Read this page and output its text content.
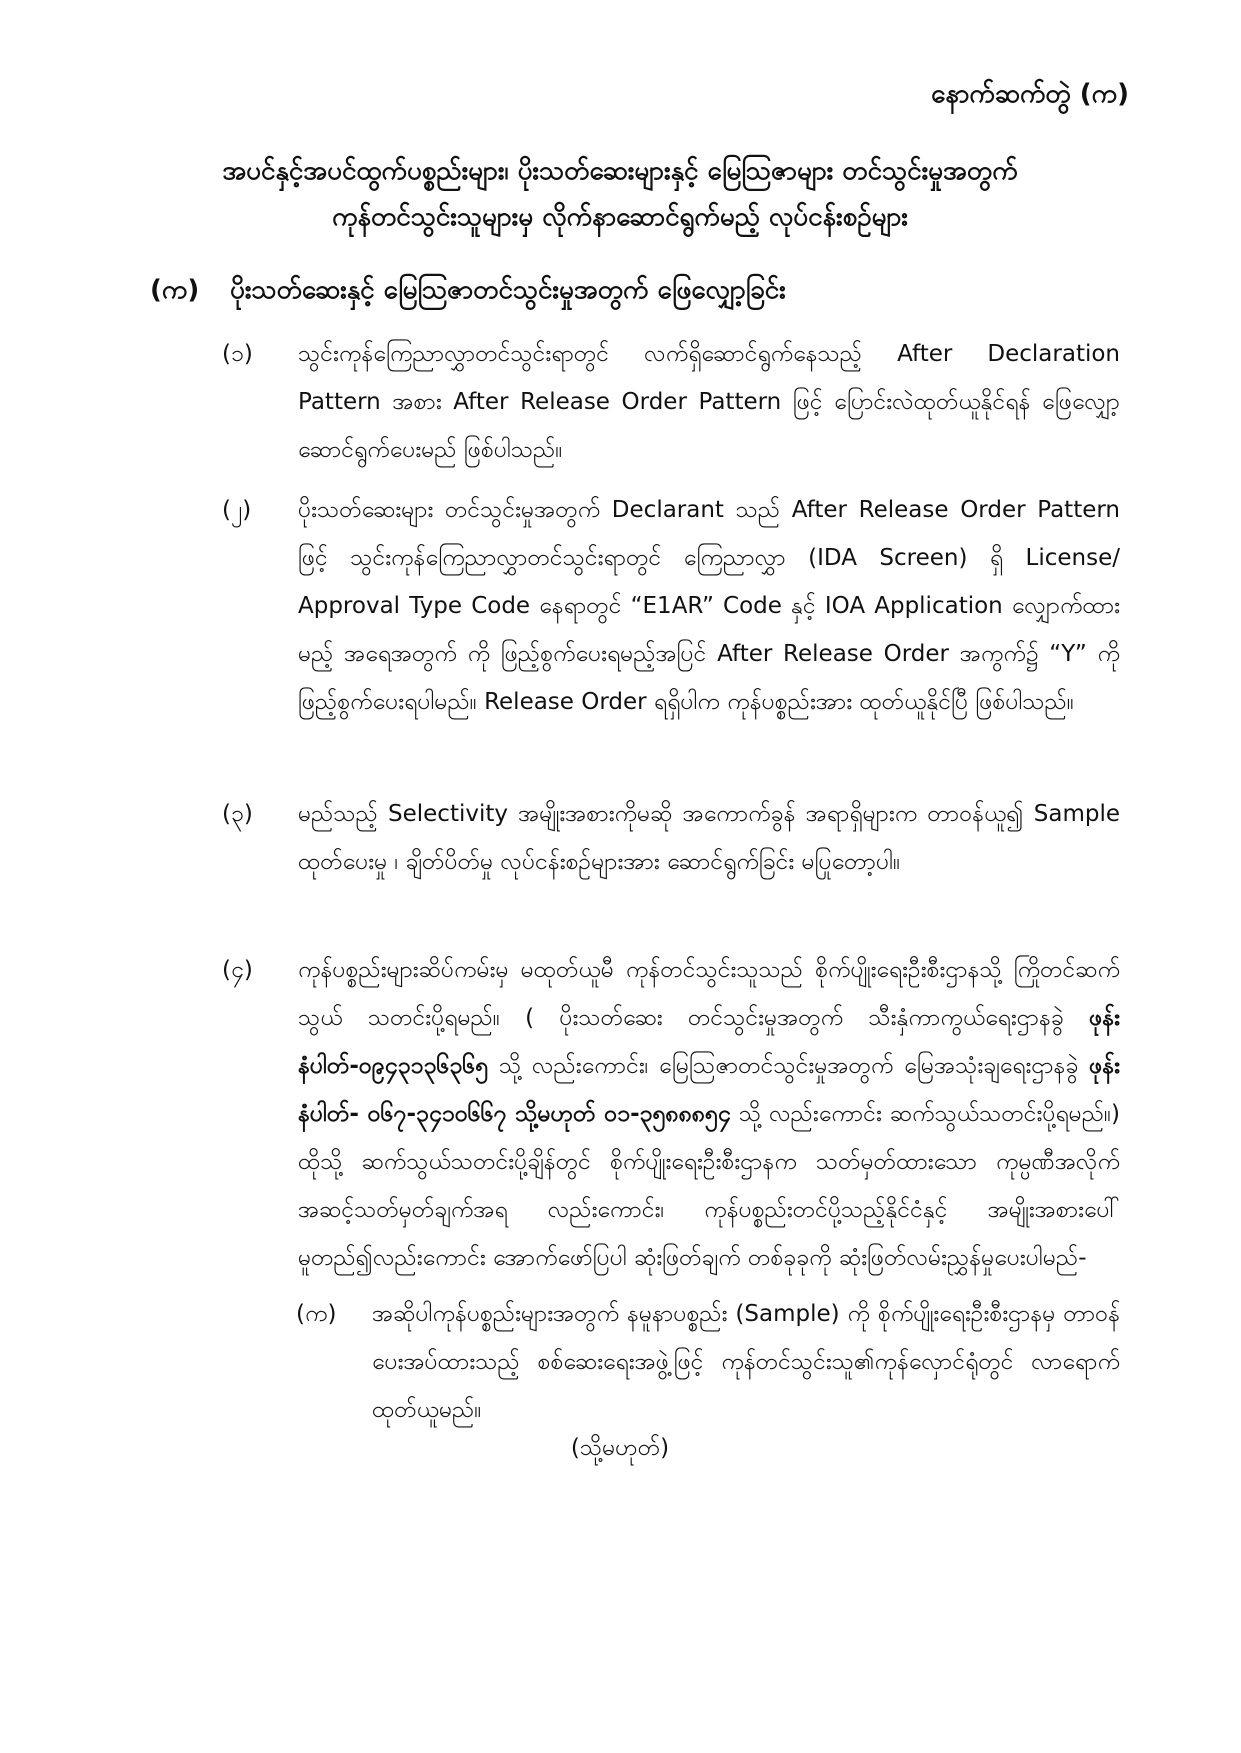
နောက်ဆက်တွဲ (က)
အပင်နှင့်အပင်ထွက်ပစ္စည်းများ၊ ပိုးသတ်ဆေးများနှင့် မြေဩဇာများ တင်သွင်းမှုအတွက်
ကုန်တင်သွင်းသူများမှ လိုက်နာဆောင်ရွက်မည့် လုပ်ငန်းစဉ်များ
(က) ပိုးသတ်ဆေးနှင့် မြေဩဇာတင်သွင်းမှုအတွက် ဖြေလျှော့ခြင်း
(၁)	သွင်းကုန်ကြေညာလွှာတင်သွင်းရာတွင် လက်ရှိဆောင်ရွက်နေသည့် After Declaration Pattern အစား After Release Order Pattern ဖြင့် ပြောင်းလဲထုတ်ယူနိုင်ရန် ဖြေလျှော့ဆောင်ရွက်ပေးမည် ဖြစ်ပါသည်။
(၂)	ပိုးသတ်ဆေးများ တင်သွင်းမှုအတွက် Declarant သည် After Release Order Pattern ဖြင့် သွင်းကုန်ကြေညာလွှာတင်သွင်းရာတွင် ကြေညာလွှာ (IDA Screen) ရှိ License/ Approval Type Code နေရာတွင် “E1AR” Code နှင့် IOA Application လျှောက်ထားမည့် အရေအတွက် ကို ဖြည့်စွက်ပေးရမည့်အပြင် After Release Order အကွက်၌ “Y” ကို ဖြည့်စွက်ပေးရပါမည်။ Release Order ရရှိပါက ကုန်ပစ္စည်းအား ထုတ်ယူနိုင်ပြီ ဖြစ်ပါသည်။
(၃)	မည်သည့် Selectivity အမျိုးအစားကိုမဆို အကောက်ခွန် အရာရှိများက တာဝန်ယူ၍ Sample ထုတ်ပေးမှု ၊ ချိတ်ပိတ်မှု လုပ်ငန်းစဉ်များအား ဆောင်ရွက်ခြင်း မပြုတော့ပါ။
(၄)	ကုန်ပစ္စည်းများဆိပ်ကမ်းမှ မထုတ်ယူမီ ကုန်တင်သွင်းသူသည် စိုက်ပျိုးရေးဦးစီးဌာနသို့ ကြိုတင်ဆက်သွယ် သတင်းပို့ရမည်။ ( ပိုးသတ်ဆေး တင်သွင်းမှုအတွက် သီးနှံကာကွယ်ရေးဌာနခွဲ ဖုန်းနံပါတ်-၀၉၄၃၁၃၆၃၆၅ သို့ လည်းကောင်း၊ မြေဩဇာတင်သွင်းမှုအတွက် မြေအသုံးချရေးဌာနခွဲ ဖုန်းနံပါတ်- ၀၆၇-၃၄၁၀၆၆၇ သို့မဟုတ် ၀၁-၃၅၈၈၈၅၄ သို့ လည်းကောင်း ဆက်သွယ်သတင်းပို့ရမည်။) ထိုသို့ ဆက်သွယ်သတင်းပို့ချိန်တွင် စိုက်ပျိုးရေးဦးစီးဌာနက သတ်မှတ်ထားသော ကုမ္ပဏီအလိုက် အဆင့်သတ်မှတ်ချက်အရ လည်းကောင်း၊ ကုန်ပစ္စည်းတင်ပို့သည့်နိုင်ငံနှင့် အမျိုးအစားပေါ်မူတည်၍လည်းကောင်း အောက်ဖော်ပြပါ ဆုံးဖြတ်ချက် တစ်ခုခုကို ဆုံးဖြတ်လမ်းညွှန်မှုပေးပါမည်-
(က)	အဆိုပါကုန်ပစ္စည်းများအတွက် နမူနာပစ္စည်း (Sample) ကို စိုက်ပျိုးရေးဦးစီးဌာနမှ တာဝန်ပေးအပ်ထားသည့် စစ်ဆေးရေးအဖွဲ့ဖြင့် ကုန်တင်သွင်းသူ၏ကုန်လှောင်ရုံတွင် လာရောက်ထုတ်ယူမည်။
(သို့မဟုတ်)
